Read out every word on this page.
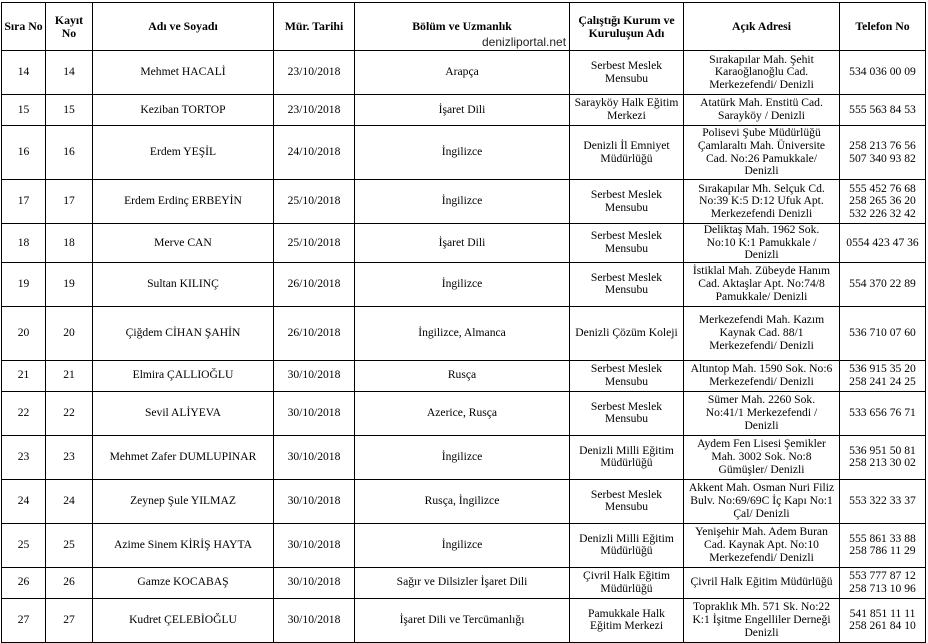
Sıra No	Kayıt
No	Adı ve Soyadı	Mür. Tarihi	Bölüm ve Uzmanlık	Çalıştığı Kurum ve
Kuruluşun Adı	Açık Adresi	Telefon No
14	14	Mehmet HACALİ	23/10/2018	Arapça	Serbest Meslek
Mensubu	Sırakapılar Mah. Şehit
Karaoğlanoğlu Cad.
Merkezefendi/ Denizli	534 036 00 09
15	15	Keziban TORTOP	23/10/2018	İşaret Dili	Sarayköy Halk Eğitim
Merkezi	Atatürk Mah. Enstitü Cad.
Sarayköy / Denizli	555 563 84 53
16	16	Erdem YEŞİL	24/10/2018	İngilizce	Denizli İl Emniyet
Müdürlüğü	Polisevi Şube Müdürlüğü
Çamlaraltı Mah. Üniversite
Cad. No:26 Pamukkale/
Denizli	258 213 76 56
507 340 93 82
17	17	Erdem Erdinç ERBEYİN	25/10/2018	İngilizce	Serbest Meslek
Mensubu	Sırakapılar Mh. Selçuk Cd.
No:39 K:5 D:12 Ufuk Apt.
Merkezefendi Denizli	555 452 76 68
258 265 36 20
532 226 32 42
18	18	Merve CAN	25/10/2018	İşaret Dili	Serbest Meslek
Mensubu	Deliktaş Mah. 1962 Sok.
No:10 K:1 Pamukkale /
Denizli	0554 423 47 36
19	19	Sultan KILINÇ	26/10/2018	İngilizce	Serbest Meslek
Mensubu	İstiklal Mah. Zübeyde Hanım
Cad. Aktaşlar Apt. No:74/8
Pamukkale/ Denizli	554 370 22 89
20	20	Çiğdem CİHAN ŞAHİN	26/10/2018	İngilizce, Almanca	Denizli Çözüm Koleji	Merkezefendi Mah. Kazım
Kaynak Cad. 88/1
Merkezefendi/ Denizli	536 710 07 60
21	21	Elmira ÇALLIOĞLU	30/10/2018	Rusça	Serbest Meslek
Mensubu	Altıntop Mah. 1590 Sok. No:6
Merkezefendi/ Denizli	536 915 35 20
258 241 24 25
22	22	Sevil ALİYEVA	30/10/2018	Azerice, Rusça	Serbest Meslek
Mensubu	Sümer Mah. 2260 Sok.
No:41/1 Merkezefendi /
Denizli	533 656 76 71
23	23	Mehmet Zafer DUMLUPINAR	30/10/2018	İngilizce	Denizli Milli Eğitim
Müdürlüğü	Aydem Fen Lisesi Şemikler
Mah. 3002 Sok. No:8
Gümüşler/ Denizli	536 951 50 81
258 213 30 02
24	24	Zeynep Şule YILMAZ	30/10/2018	Rusça, İngilizce	Serbest Meslek
Mensubu	Akkent Mah. Osman Nuri Filiz
Bulv. No:69/69C İç Kapı No:1
Çal/ Denizli	553 322 33 37
25	25	Azime Sinem KİRİŞ HAYTA	30/10/2018	İngilizce	Denizli Milli Eğitim
Müdürlüğü	Yenişehir Mah. Adem Buran
Cad. Kaynak Apt. No:10
Merkezefendi/ Denizli	555 861 33 88
258 786 11 29
26	26	Gamze KOCABAŞ	30/10/2018	Sağır ve Dilsizler İşaret Dili	Çivril Halk Eğitim
Müdürlüğü	Çivril Halk Eğitim Müdürlüğü	553 777 87 12
258 713 10 96
27	27	Kudret ÇELEBİOĞLU	30/10/2018	İşaret Dili ve Tercümanlığı	Pamukkale Halk
Eğitim Merkezi	Topraklık Mh. 571 Sk. No:22
K:1 İşitme Engelliler Derneği
Denizli	541 851 11 11
258 261 84 10
denizliportal.net
